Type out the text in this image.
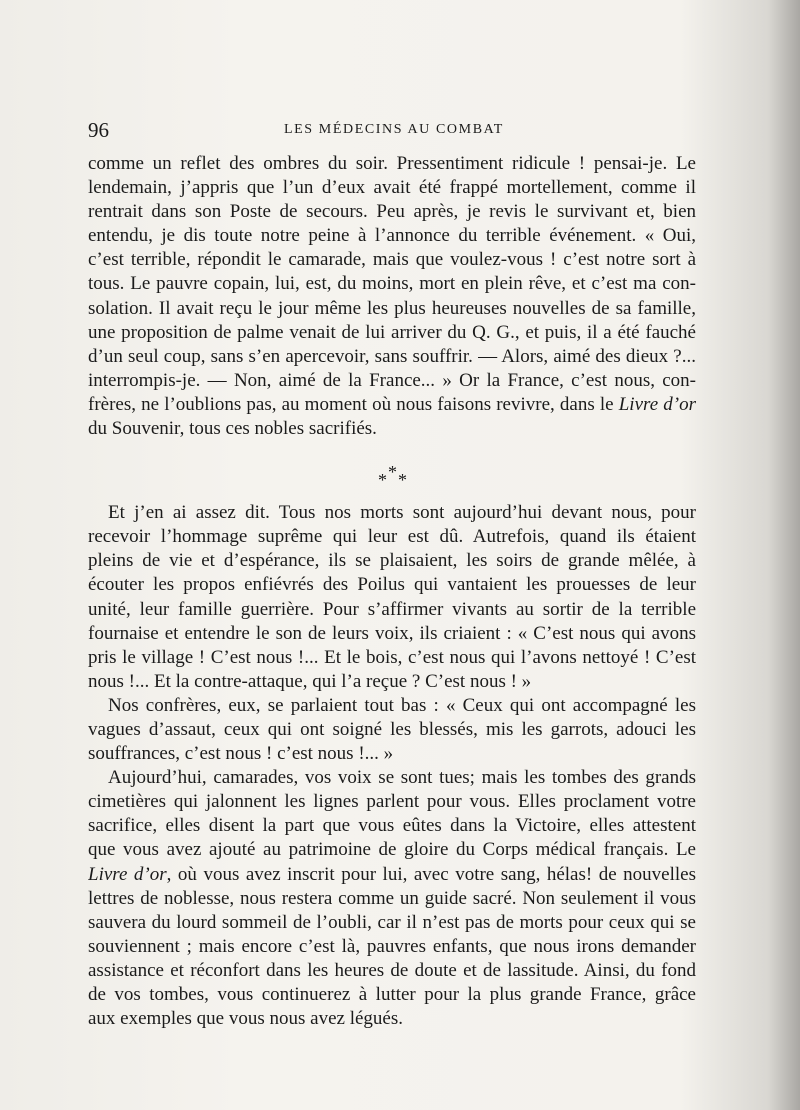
96	LES MÉDECINS AU COMBAT
comme un reflet des ombres du soir. Pressentiment ridicule ! pensai-je. Le
lendemain, j’appris que l’un d’eux avait été frappé mortellement, comme il
rentrait dans son Poste de secours. Peu après, je revis le survivant et, bien
entendu, je dis toute notre peine à l’annonce du terrible événement. « Oui,
c’est terrible, répondit le camarade, mais que voulez-vous ! c’est notre sort à
tous. Le pauvre copain, lui, est, du moins, mort en plein rêve, et c’est ma con-
solation. Il avait reçu le jour même les plus heureuses nouvelles de sa famille,
une proposition de palme venait de lui arriver du Q. G., et puis, il a été fauché
d’un seul coup, sans s’en apercevoir, sans souffrir. — Alors, aimé des dieux ?...
interrompis-je. — Non, aimé de la France... » Or la France, c’est nous, con-
frères, ne l’oublions pas, au moment où nous faisons revivre, dans le Livre d’or
du Souvenir, tous ces nobles sacrifiés.
*
* *
Et j’en ai assez dit. Tous nos morts sont aujourd’hui devant nous, pour
recevoir l’hommage suprême qui leur est dû. Autrefois, quand ils étaient
pleins de vie et d’espérance, ils se plaisaient, les soirs de grande mêlée, à
écouter les propos enfiévrés des Poilus qui vantaient les prouesses de leur
unité, leur famille guerrière. Pour s’affirmer vivants au sortir de la terrible
fournaise et entendre le son de leurs voix, ils criaient : « C’est nous qui avons
pris le village ! C’est nous !... Et le bois, c’est nous qui l’avons nettoyé ! C’est
nous !... Et la contre-attaque, qui l’a reçue ? C’est nous ! »
Nos confrères, eux, se parlaient tout bas : « Ceux qui ont accompagné les
vagues d’assaut, ceux qui ont soigné les blessés, mis les garrots, adouci les
souffrances, c’est nous ! c’est nous !... »
Aujourd’hui, camarades, vos voix se sont tues; mais les tombes des grands
cimetières qui jalonnent les lignes parlent pour vous. Elles proclament votre
sacrifice, elles disent la part que vous eûtes dans la Victoire, elles attestent
que vous avez ajouté au patrimoine de gloire du Corps médical français. Le
Livre d’or, où vous avez inscrit pour lui, avec votre sang, hélas! de nouvelles
lettres de noblesse, nous restera comme un guide sacré. Non seulement il vous
sauvera du lourd sommeil de l’oubli, car il n’est pas de morts pour ceux qui se
souviennent ; mais encore c’est là, pauvres enfants, que nous irons demander
assistance et réconfort dans les heures de doute et de lassitude. Ainsi, du fond
de vos tombes, vous continuerez à lutter pour la plus grande France, grâce
aux exemples que vous nous avez légués.
